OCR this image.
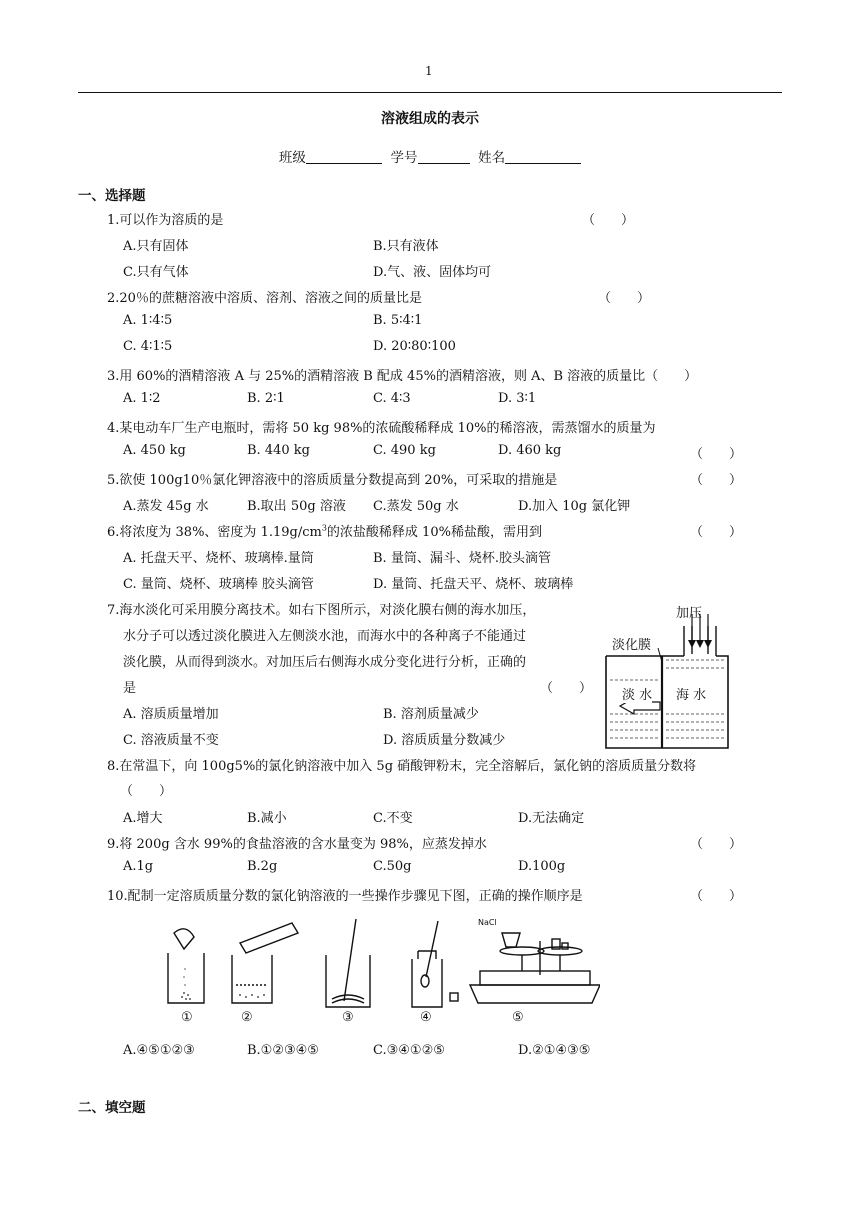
1
溶液组成的表示
班级	学号	姓名
一、选择题
1.可以作为溶质的是	（　　）
A.只有固体	B.只有液体
C.只有气体	D.气、液、固体均可
2.20％的蔗糖溶液中溶质、溶剂、溶液之间的质量比是	（　　）
A. 1∶4∶5	B. 5∶4∶1
C. 4∶1∶5	D. 20∶80∶100
3.用 60%的酒精溶液 A 与 25%的酒精溶液 B 配成 45%的酒精溶液，则 A、B 溶液的质量比（　　）
A. 1∶2	B. 2∶1	C. 4∶3	D. 3∶1
4.某电动车厂生产电瓶时，需将 50 kg 98%的浓硫酸稀释成 10%的稀溶液，需蒸馏水的质量为
A. 450 kg	B. 440 kg	C. 490 kg	D. 460 kg	（　　）
5.欲使 100g10％氯化钾溶液中的溶质质量分数提高到 20%，可采取的措施是	（　　）
A.蒸发 45g 水	B.取出 50g 溶液 C.蒸发 50g 水	D.加入 10g 氯化钾
6.将浓度为 38%、密度为 $1.19g/cm^3$的浓盐酸稀释成 10%稀盐酸，需用到	（　　）
A. 托盘天平、烧杯、玻璃棒.量筒	B. 量筒、漏斗、烧杯.胶头滴管
C. 量筒、烧杯、玻璃棒 胶头滴管	D. 量筒、托盘天平、烧杯、玻璃棒
7.海水淡化可采用膜分离技术。如右下图所示，对淡化膜右侧的海水加压，
水分子可以透过淡化膜进入左侧淡水池，而海水中的各种离子不能通过
淡化膜，从而得到淡水。对加压后右侧海水成分变化进行分析，正确的
是	（　　）
A. 溶质质量增加	B. 溶剂质量减少
C. 溶液质量不变	D. 溶质质量分数减少
加压
淡化膜
淡 水 海 水
8.在常温下，向 100g5%的氯化钠溶液中加入 5g 硝酸钾粉末，完全溶解后，氯化钠的溶质质量分数将
（　　）
A.增大	B.减小	C.不变	D.无法确定
9.将 200g 含水 99%的食盐溶液的含水量变为 98%，应蒸发掉水	（　　）
A.1g	B.2g	C.50g	D.100g
10.配制一定溶质质量分数的氯化钠溶液的一些操作步骤见下图，正确的操作顺序是	（　　）
NaCl
①	②	③	④	⑤
A.④⑤①②③	B.①②③④⑤	C.③④①②⑤	D.②①④③⑤
二、填空题
